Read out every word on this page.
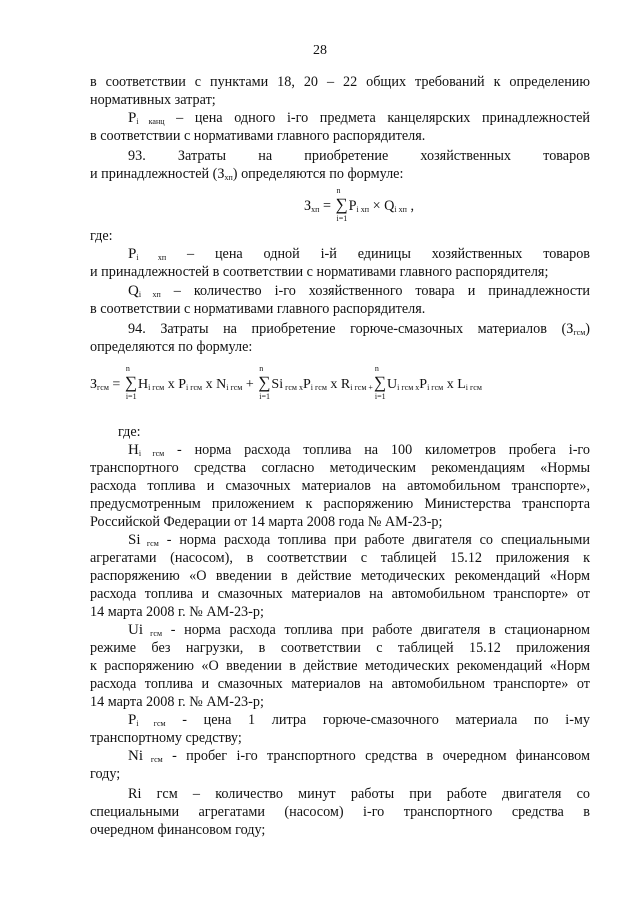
28

в соответствии с пунктами 18, 20 – 22 общих требований к определению

нормативных затрат;

$P_{i канц}$ – цена одного i-го предмета канцелярских принадлежностей

в соответствии с нормативами главного распорядителя.

93. Затраты на приобретение хозяйственных товаров

и принадлежностей $(З_{хп})$ определяются по формуле:

$З_{хп}$ =
n
∑
i=1
$P_{i хп} \times Q_{i хп}$ ,

где:

$P_{i хп}$ – цена одной i-й единицы хозяйственных товаров

и принадлежностей в соответствии с нормативами главного распорядителя;

$Q_{i хп}$ – количество i-го хозяйственного товара и принадлежности

в соответствии с нормативами главного распорядителя.

94. Затраты на приобретение горюче-смазочных материалов $(З_{гсм})$

определяются по формуле:

$З_{гсм}$ =
n
∑
i=1
$H_{i гсм}$ x $P_{i гсм}$ x $N_{i гсм}$ +
n
∑
i=1
Si $_{гсм x}P_{i гсм}$ x $R_{i гсм +}$
n
∑
i=1
$U_{i гсм x}P_{i гсм}$ x $L_{i гсм}$

где:

$H_{i гсм}$ - норма расхода топлива на 100 километров пробега i-го

транспортного средства согласно методическим рекомендациям «Нормы

расхода топлива и смазочных материалов на автомобильном транспорте»,

предусмотренным приложением к распоряжению Министерства транспорта

Российской Федерации от 14 марта 2008 года № АМ-23-р;

Si $_{гсм}$ - норма расхода топлива при работе двигателя со специальными

агрегатами (насосом), в соответствии с таблицей 15.12 приложения к

распоряжению «О введении в действие методических рекомендаций «Норм

расхода топлива и смазочных материалов на автомобильном транспорте» от

14 марта 2008 г. № АМ-23-р;

Ui $_{гсм}$ - норма расхода топлива при работе двигателя в стационарном

режиме без нагрузки, в соответствии с таблицей 15.12 приложения

к распоряжению «О введении в действие методических рекомендаций «Норм

расхода топлива и смазочных материалов на автомобильном транспорте» от

14 марта 2008 г. № АМ-23-р;

$P_{i гсм}$ - цена 1 литра горюче-смазочного материала по i-му

транспортному средству;

Ni $_{гсм}$ - пробег i-го транспортного средства в очередном финансовом

году;

Ri гсм – количество минут работы при работе двигателя со

специальными агрегатами (насосом) i-го транспортного средства в

очередном финансовом году;
